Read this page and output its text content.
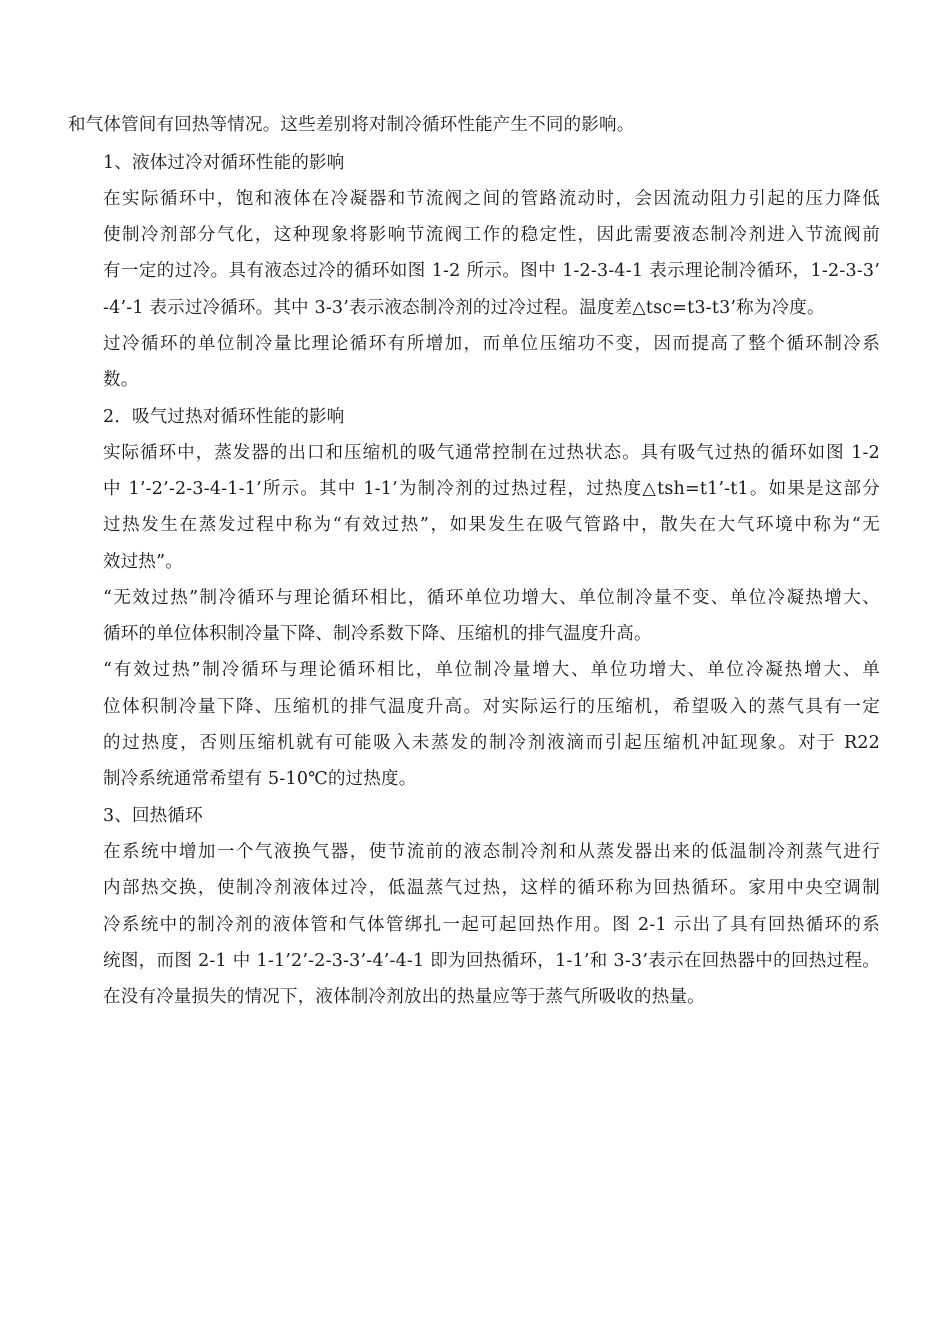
和气体管间有回热等情况。这些差别将对制冷循环性能产生不同的影响。
1、液体过冷对循环性能的影响
在实际循环中，饱和液体在冷凝器和节流阀之间的管路流动时，会因流动阻力引起的压力降低
使制冷剂部分气化，这种现象将影响节流阀工作的稳定性，因此需要液态制冷剂进入节流阀前
有一定的过冷。具有液态过冷的循环如图 1-2 所示。图中 1-2-3-4-1 表示理论制冷循环，1-2-3-3’
-4’-1 表示过冷循环。其中 3-3’表示液态制冷剂的过冷过程。温度差△tsc=t3-t3’称为冷度。
过冷循环的单位制冷量比理论循环有所增加，而单位压缩功不变，因而提高了整个循环制冷系
数。
2．吸气过热对循环性能的影响
实际循环中，蒸发器的出口和压缩机的吸气通常控制在过热状态。具有吸气过热的循环如图 1-2
中 1’-2’-2-3-4-1-1’所示。其中 1-1’为制冷剂的过热过程，过热度△tsh=t1’-t1。如果是这部分
过热发生在蒸发过程中称为“有效过热”，如果发生在吸气管路中，散失在大气环境中称为“无
效过热”。
“无效过热”制冷循环与理论循环相比，循环单位功增大、单位制冷量不变、单位冷凝热增大、
循环的单位体积制冷量下降、制冷系数下降、压缩机的排气温度升高。
“有效过热”制冷循环与理论循环相比，单位制冷量增大、单位功增大、单位冷凝热增大、单
位体积制冷量下降、压缩机的排气温度升高。对实际运行的压缩机，希望吸入的蒸气具有一定
的过热度，否则压缩机就有可能吸入未蒸发的制冷剂液滴而引起压缩机冲缸现象。对于 R22
制冷系统通常希望有 5-10℃的过热度。
3、回热循环
在系统中增加一个气液换气器，使节流前的液态制冷剂和从蒸发器出来的低温制冷剂蒸气进行
内部热交换，使制冷剂液体过冷，低温蒸气过热，这样的循环称为回热循环。家用中央空调制
冷系统中的制冷剂的液体管和气体管绑扎一起可起回热作用。图 2-1 示出了具有回热循环的系
统图，而图 2-1 中 1-1’2’-2-3-3’-4’-4-1 即为回热循环，1-1’和 3-3’表示在回热器中的回热过程。
在没有冷量损失的情况下，液体制冷剂放出的热量应等于蒸气所吸收的热量。
